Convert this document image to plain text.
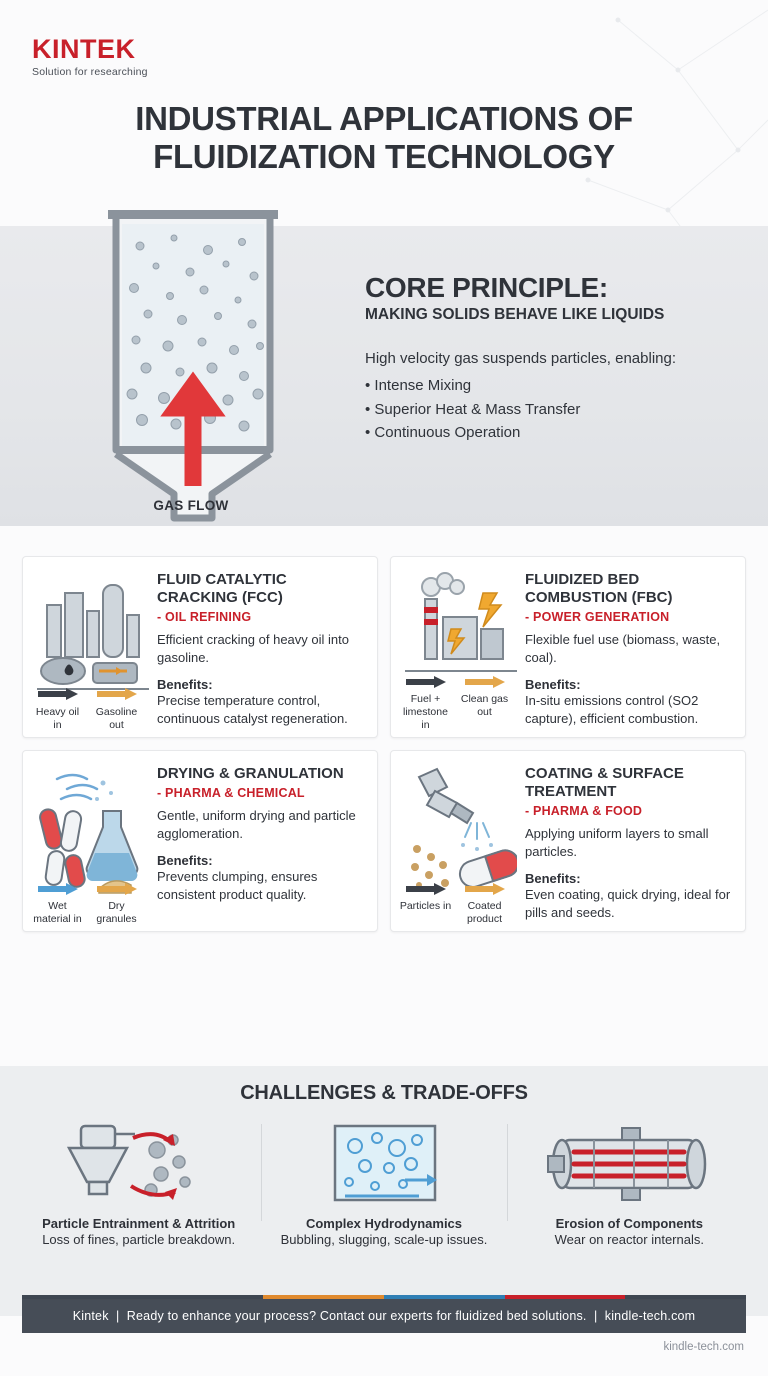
KINTEK
Solution for researching
INDUSTRIAL APPLICATIONS OF
FLUIDIZATION TECHNOLOGY
GAS FLOW
CORE PRINCIPLE:
MAKING SOLIDS BEHAVE LIKE LIQUIDS
High velocity gas suspends particles, enabling:
• Intense Mixing
• Superior Heat & Mass Transfer
• Continuous Operation
FLUID CATALYTIC CRACKING (FCC)
- OIL REFINING
Efficient cracking of heavy oil into gasoline.
Benefits:
Precise temperature control, continuous catalyst regeneration.
Heavy oil in
Gasoline out
FLUIDIZED BED COMBUSTION (FBC)
- POWER GENERATION
Flexible fuel use (biomass, waste, coal).
Benefits:
In-situ emissions control (SO2 capture), efficient combustion.
Fuel + limestone in
Clean gas out
DRYING & GRANULATION
- PHARMA & CHEMICAL
Gentle, uniform drying and particle agglomeration.
Benefits:
Prevents clumping, ensures consistent product quality.
Wet material in
Dry granules
COATING & SURFACE TREATMENT
- PHARMA & FOOD
Applying uniform layers to small particles.
Benefits:
Even coating, quick drying, ideal for pills and seeds.
Particles in	Coated product
CHALLENGES & TRADE-OFFS
Particle Entrainment & Attrition
Loss of fines, particle breakdown.
Complex Hydrodynamics
Bubbling, slugging, scale-up issues.
Erosion of Components
Wear on reactor internals.
Kintek | Ready to enhance your process? Contact our experts for fluidized bed solutions. | kindle-tech.com
kindle-tech.com
